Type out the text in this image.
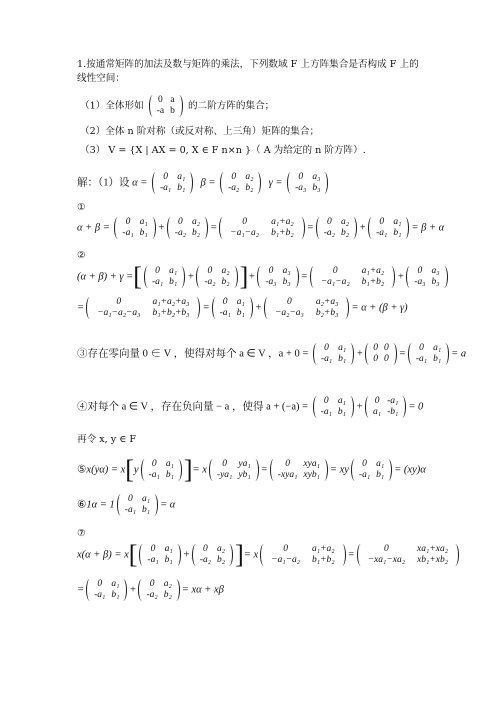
1.按通常矩阵的加法及数与矩阵的乘法，下列数域 F 上方阵集合是否构成 F 上的
线性空间：
（1）全体形如
0	a
-a	b 的二阶方阵的集合；
（2）全体 n 阶对称（或反对称、上三角）矩阵的集合；
（3） V = {X | AX = 0, X ∈ F n×n }（ A 为给定的 n 阶方阵）.
解：（1）设 α =
0	a₁
-a₁	b₁ β =
0	a₂
-a₂	b₂ γ =
0	a₃
-a₃	b₃
①
α + β =
0	a₁
-a₁	b₁ +
0	a₂
-a₂	b₂ =
0	a₁+a₂
−a₁−a₂	b₁+b₂ =
0	a₂
-a₂	b₂ +
0	a₁
-a₁	b₁ = β + α
②
(α + β) + γ =[ 0	a₁
-a₁	b₁ +
0	a₂
-a₂	b₂ ]+
0	a₃
-a₃	b₃ =
0	a₁+a₂
−a₁−a₂	b₁+b₂ +
0	a₃
-a₃	b₃
=
0	a₁+a₂+a₃
−a₁−a₂−a₃	b₁+b₂+b₃ =
0	a₁
-a₁	b₁ +
0	a₂+a₃
−a₂−a₃	b₂+b₃ = α + (β + γ)
③存在零向量 0 ∈ V ，使得对每个 a ∈ V ，a + 0 =
0	a₁
-a₁	b₁ +
0	0
0	0 =
0	a₁
-a₁	b₁ = a
④对每个 a ∈ V ，存在负向量 − a ，使得 a + (−a) =
0	a₁
-a₁	b₁ +
0	-a₁
a₁	-b₁ = 0
再令 x, y ∈ F
⑤x(yα) = x[y
0	a₁
-a₁	b₁ ]= x
0	ya₁
-ya₁	yb₁ =
0	xya₁
-xya₁	xyb₁ = xy
0	a₁
-a₁	b₁ = (xy)α
⑥1α = 1
0	a₁
-a₁	b₁ = α
⑦
x(α + β) = x[ 0	a₁
-a₁	b₁ +
0	a₂
-a₂	b₂ ]= x
0	a₁+a₂
−a₁−a₂	b₁+b₂ =
0	xa₁+xa₂
−xa₁−xa₂	xb₁+xb₂
=
0	a₁
-a₁	b₁ +
0	a₂
-a₂	b₂ = xα + xβ
